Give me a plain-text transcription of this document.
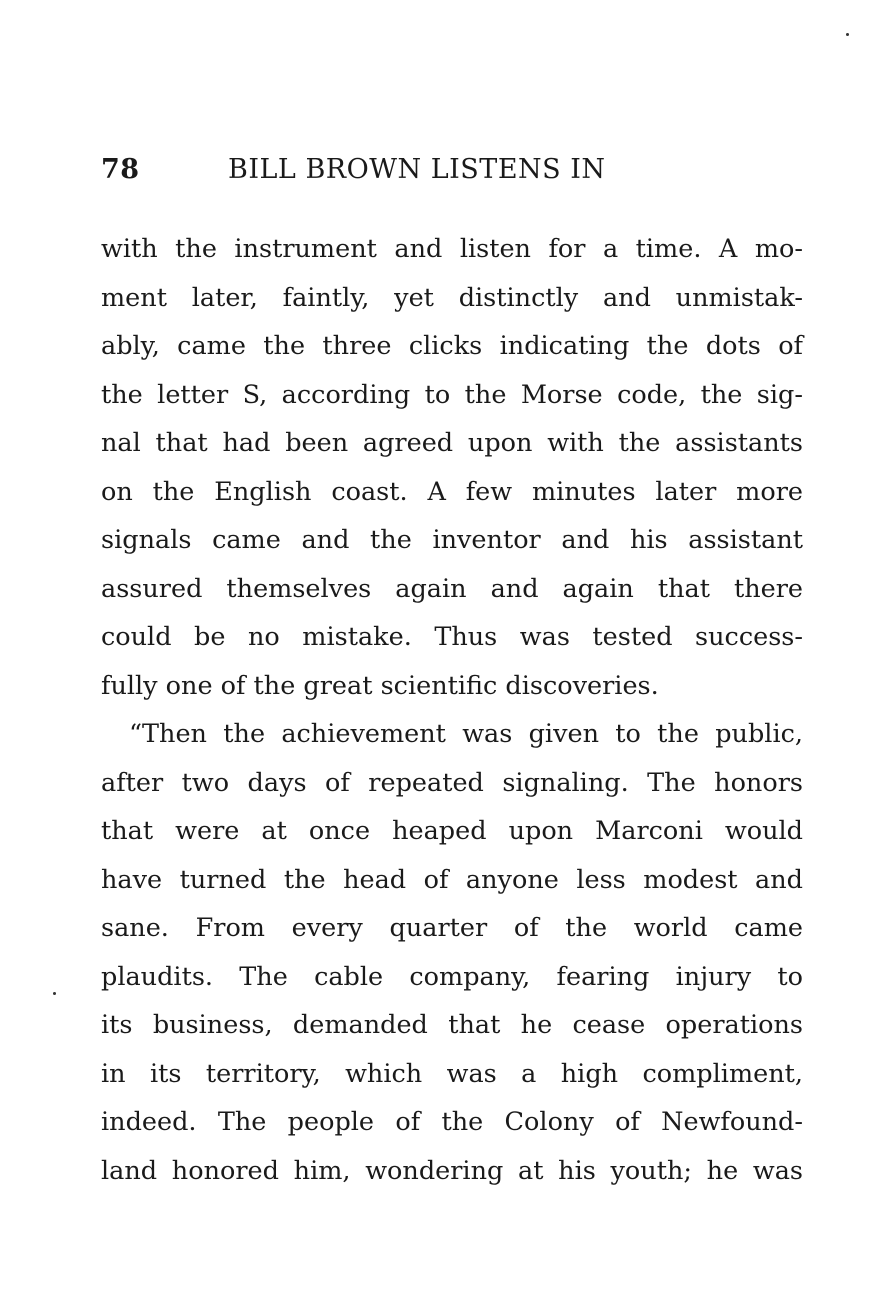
78	BILL BROWN LISTENS IN
with the instrument and listen for a time. A mo-
ment later, faintly, yet distinctly and unmistak-
ably, came the three clicks indicating the dots of
the letter S, according to the Morse code, the sig-
nal that had been agreed upon with the assistants
on the English coast. A few minutes later more
signals came and the inventor and his assistant
assured themselves again and again that there
could be no mistake. Thus was tested success-
fully one of the great scientific discoveries.
“Then the achievement was given to the public,
after two days of repeated signaling. The honors
that were at once heaped upon Marconi would
have turned the head of anyone less modest and
sane. From every quarter of the world came
plaudits. The cable company, fearing injury to
its business, demanded that he cease operations
in its territory, which was a high compliment,
indeed. The people of the Colony of Newfound-
land honored him, wondering at his youth; he was
